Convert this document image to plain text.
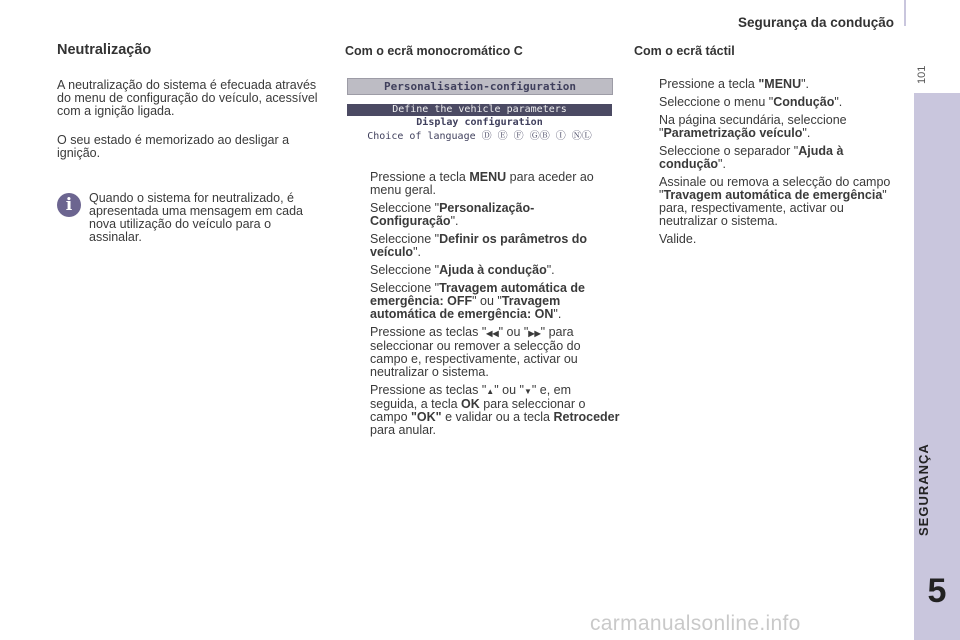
Segurança da condução
101
SEGURANÇA
5
Neutralização

A neutralização do sistema é efecuada através do menu de configuração do veículo, acessível com a ignição ligada.

O seu estado é memorizado ao desligar a ignição.

i	Quando o sistema for neutralizado, é apresentada uma mensagem em cada nova utilização do veículo para o assinalar.

Com o ecrã monocromático C
Personalisation-configuration
Define the vehicle parameters
Display configuration
Choice of language Ⓓ Ⓔ Ⓕ ⒼⒷ Ⓘ ⓃⓁ
Pressione a tecla MENU para aceder ao menu geral.
Seleccione "Personalização-Configuração".
Seleccione "Definir os parâmetros do veículo".
Seleccione "Ajuda à condução".
Seleccione "Travagem automática de emergência: OFF" ou "Travagem automática de emergência: ON".
Pressione as teclas "◀◀" ou "▶▶" para seleccionar ou remover a selecção do campo e, respectivamente, activar ou neutralizar o sistema.
Pressione as teclas "▲" ou "▼" e, em seguida, a tecla OK para seleccionar o campo "OK" e validar ou a tecla Retroceder para anular.
Com o ecrã táctil
Pressione a tecla "MENU".
Seleccione o menu "Condução".
Na página secundária, seleccione "Parametrização veículo".
Seleccione o separador "Ajuda à condução".
Assinale ou remova a selecção do campo "Travagem automática de emergência" para, respectivamente, activar ou neutralizar o sistema.
Valide.
carmanualsonline.info
